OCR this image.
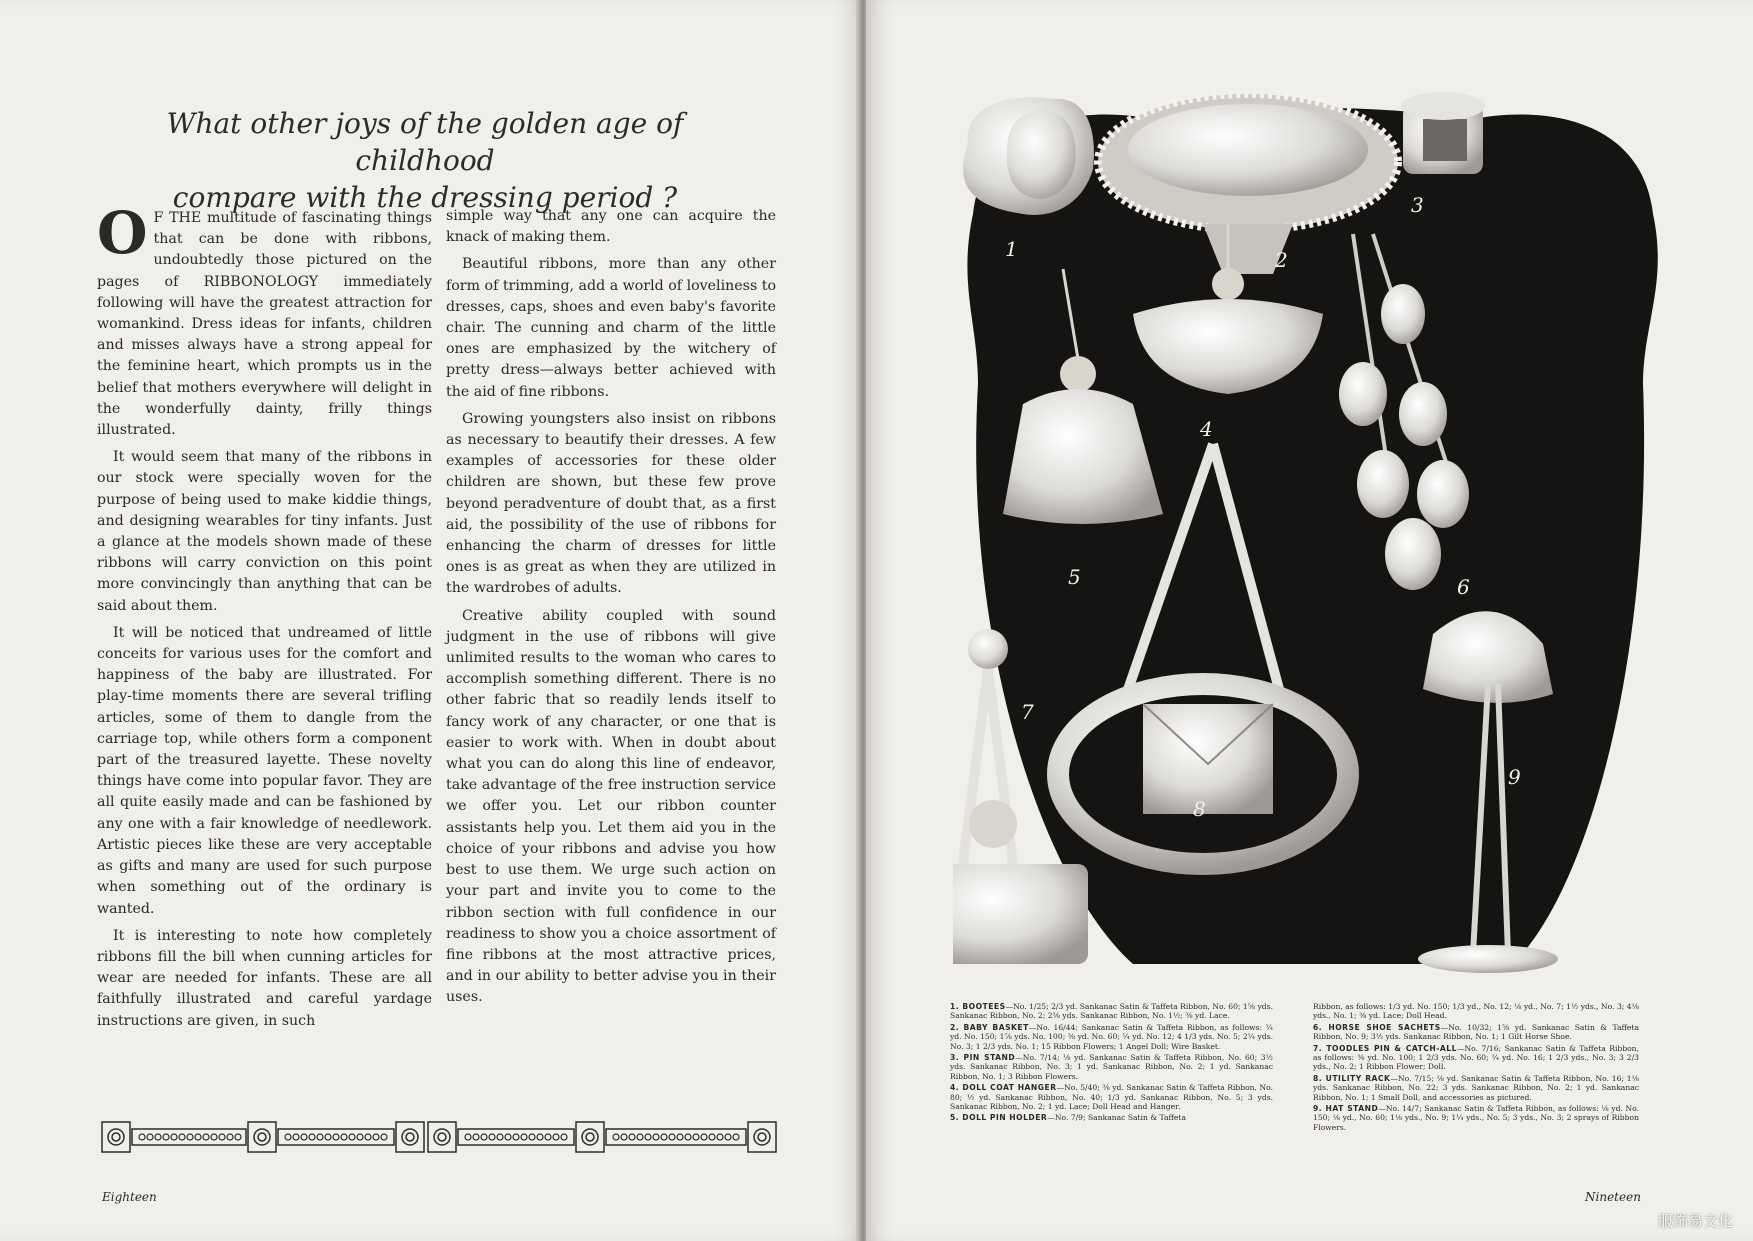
What other joys of the golden age of childhood
compare with the dressing period ?

O F THE multitude of fascinating things that can be done with ribbons, undoubtedly those pictured on the pages of RIBBONOLOGY immediately following will have the greatest attraction for womankind. Dress ideas for infants, children and misses always have a strong appeal for the feminine heart, which prompts us in the belief that mothers everywhere will delight in the wonderfully dainty, frilly things illustrated.

It would seem that many of the ribbons in our stock were specially woven for the purpose of being used to make kiddie things, and designing wearables for tiny infants. Just a glance at the models shown made of these ribbons will carry conviction on this point more convincingly than anything that can be said about them.

It will be noticed that undreamed of little conceits for various uses for the comfort and happiness of the baby are illustrated. For play-time moments there are several trifling articles, some of them to dangle from the carriage top, while others form a component part of the treasured layette. These novelty things have come into popular favor. They are all quite easily made and can be fashioned by any one with a fair knowledge of needlework. Artistic pieces like these are very acceptable as gifts and many are used for such purpose when something out of the ordinary is wanted.

It is interesting to note how completely ribbons fill the bill when cunning articles for wear are needed for infants. These are all faithfully illustrated and careful yardage instructions are given, in such

simple way that any one can acquire the knack of making them.

Beautiful ribbons, more than any other form of trimming, add a world of loveliness to dresses, caps, shoes and even baby's favorite chair. The cunning and charm of the little ones are emphasized by the witchery of pretty dress—always better achieved with the aid of fine ribbons.

Growing youngsters also insist on ribbons as necessary to beautify their dresses. A few examples of accessories for these older children are shown, but these few prove beyond peradventure of doubt that, as a first aid, the possibility of the use of ribbons for enhancing the charm of dresses for little ones is as great as when they are utilized in the wardrobes of adults.

Creative ability coupled with sound judgment in the use of ribbons will give unlimited results to the woman who cares to accomplish something different. There is no other fabric that so readily lends itself to fancy work of any character, or one that is easier to work with. When in doubt about what you can do along this line of endeavor, take advantage of the free instruction service we offer you. Let our ribbon counter assistants help you. Let them aid you in the choice of your ribbons and advise you how best to use them. We urge such action on your part and invite you to come to the ribbon section with full confidence in our readiness to show you a choice assortment of fine ribbons at the most attractive prices, and in our ability to better advise you in their uses.

Eighteen
1	2
3
4
5	6
7
8
9

1. BOOTEES—No. 1/25; 2/3 yd. Sankanac Satin & Taffeta Ribbon, No. 60; 1⅝ yds. Sankanac Ribbon, No. 2; 2⅜ yds. Sankanac Ribbon, No. 1½; ⅜ yd. Lace.

2. BABY BASKET—No. 16/44; Sankanac Satin & Taffeta Ribbon, as follows: ¼ yd. No. 150; 1⅞ yds. No. 100; ⅜ yd. No. 60; ¼ yd. No. 12; 4 1/3 yds. No. 5; 2¼ yds. No. 3; 1 2/3 yds. No. 1; 15 Ribbon Flowers; 1 Angel Doll; Wire Basket.

3. PIN STAND—No. 7/14; ⅛ yd. Sankanac Satin & Taffeta Ribbon, No. 60; 3½ yds. Sankanac Ribbon, No. 3; 1 yd. Sankanac Ribbon, No. 2; 1 yd. Sankanac Ribbon, No. 1; 3 Ribbon Flowers.

4. DOLL COAT HANGER—No. 5/40; ⅜ yd. Sankanac Satin & Taffeta Ribbon, No. 80; ½ yd. Sankanac Ribbon, No. 40; 1/3 yd. Sankanac Ribbon, No. 5; 3 yds. Sankanac Ribbon, No. 2; 1 yd. Lace; Doll Head and Hanger.

5. DOLL PIN HOLDER—No. 7/9; Sankanac Satin & Taffeta

Ribbon, as follows: 1/3 yd. No. 150; 1/3 yd., No. 12; ⅛ yd., No. 7; 1½ yds., No. 3; 4⅛ yds., No. 1; ⅜ yd. Lace; Doll Head.

6. HORSE SHOE SACHETS—No. 10/32; 1⅝ yd. Sankanac Satin & Taffeta Ribbon, No. 9; 3½ yds. Sankanac Ribbon, No. 1; 1 Gilt Horse Shoe.

7. TOODLES PIN & CATCH-ALL—No. 7/16; Sankanac Satin & Taffeta Ribbon, as follows: ⅜ yd. No. 100; 1 2/3 yds. No. 60; ¼ yd. No. 16; 1 2/3 yds., No. 3; 3 2/3 yds., No. 2; 1 Ribbon Flower; Doll.

8. UTILITY RACK—No. 7/15; ⅛ yd. Sankanac Satin & Taffeta Ribbon, No. 16; 1⅛ yds. Sankanac Ribbon, No. 22; 3 yds. Sankanac Ribbon, No. 2; 1 yd. Sankanac Ribbon, No. 1; 1 Small Doll, and accessories as pictured.

9. HAT STAND—No. 14/7; Sankanac Satin & Taffeta Ribbon, as follows: ⅛ yd. No. 150; ⅛ yd., No. 60; 1⅛ yds., No. 9; 1¼ yds., No. 5; 3 yds., No. 3; 2 sprays of Ribbon Flowers.

Nineteen
服饰易文化
